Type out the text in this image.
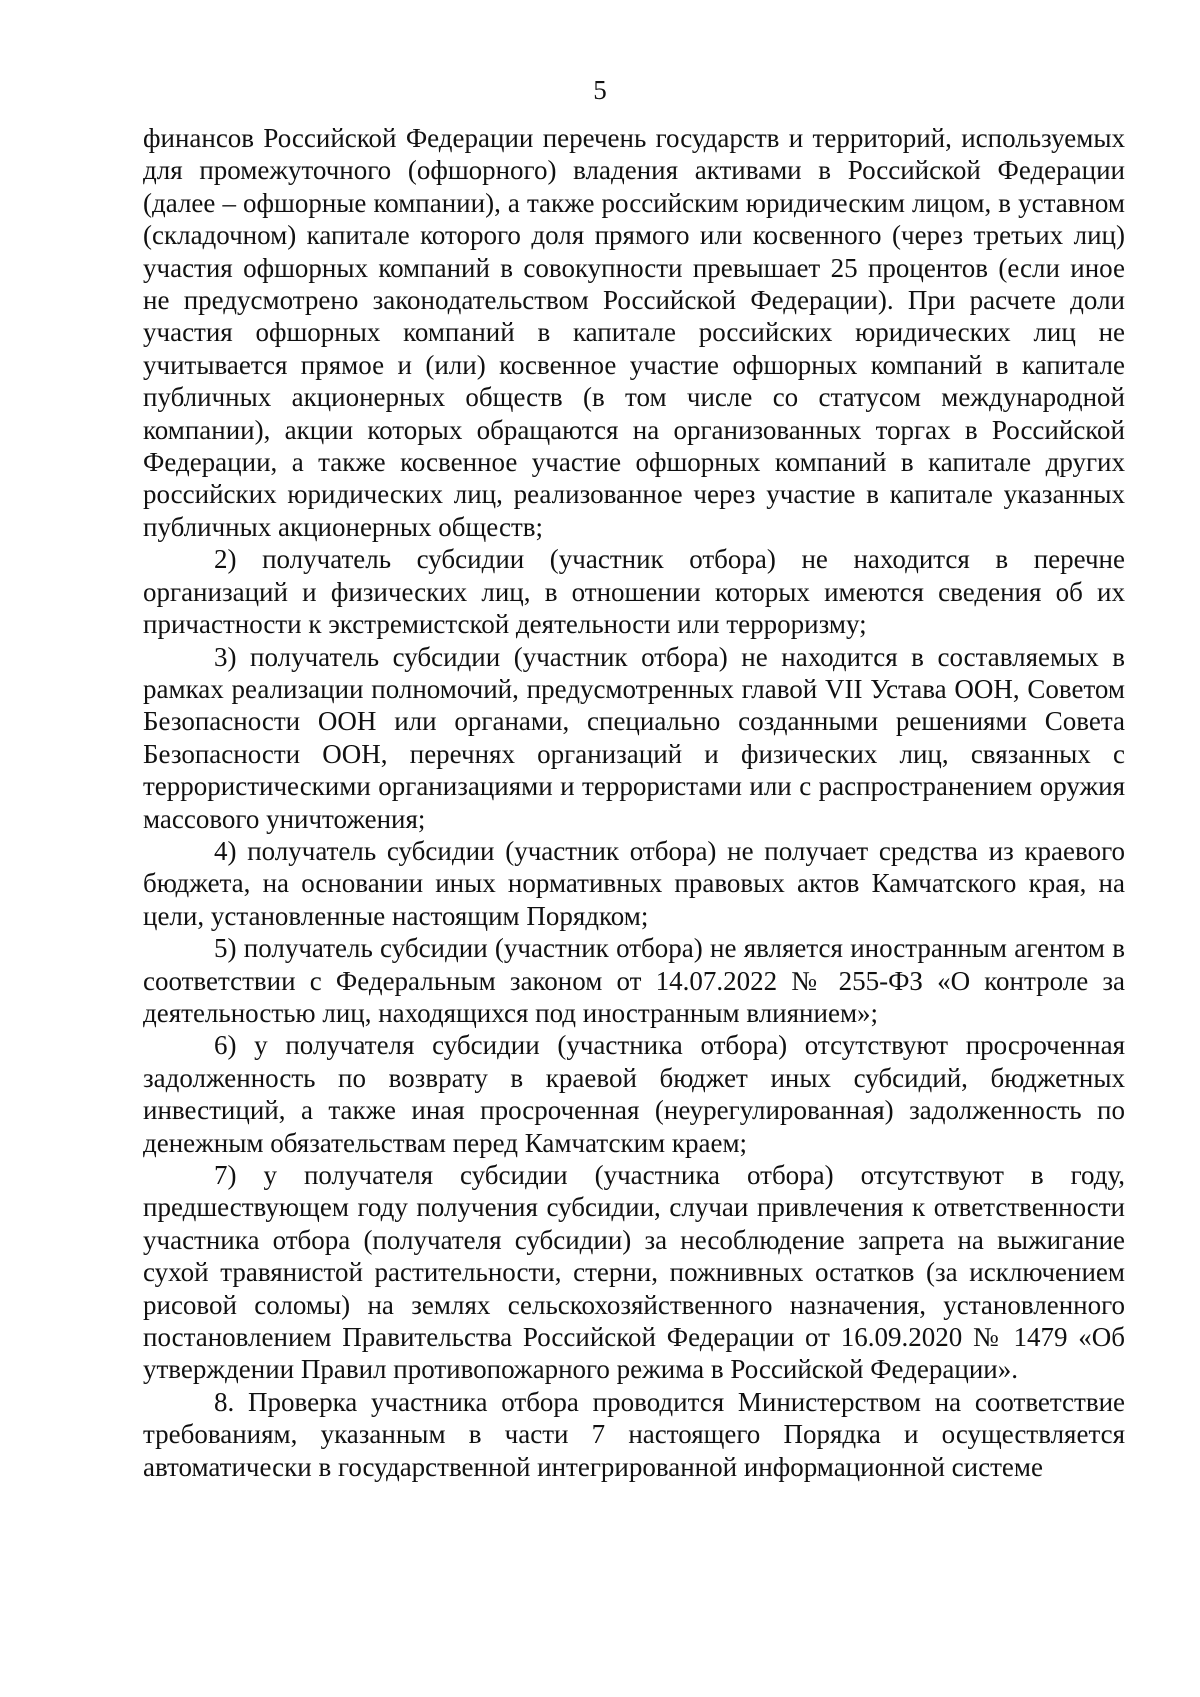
5

финансов Российской Федерации перечень государств и территорий, используемых для промежуточного (офшорного) владения активами в Российской Федерации (далее – офшорные компании), а также российским юридическим лицом, в уставном (складочном) капитале которого доля прямого или косвенного (через третьих лиц) участия офшорных компаний в совокупности превышает 25 процентов (если иное не предусмотрено законодательством Российской Федерации). При расчете доли участия офшорных компаний в капитале российских юридических лиц не учитывается прямое и (или) косвенное участие офшорных компаний в капитале публичных акционерных обществ (в том числе со статусом международной компании), акции которых обращаются на организованных торгах в Российской Федерации, а также косвенное участие офшорных компаний в капитале других российских юридических лиц, реализованное через участие в капитале указанных публичных акционерных обществ;

2) получатель субсидии (участник отбора) не находится в перечне организаций и физических лиц, в отношении которых имеются сведения об их причастности к экстремистской деятельности или терроризму;

3) получатель субсидии (участник отбора) не находится в составляемых в рамках реализации полномочий, предусмотренных главой VII Устава ООН, Советом Безопасности ООН или органами, специально созданными решениями Совета Безопасности ООН, перечнях организаций и физических лиц, связанных с террористическими организациями и террористами или с распространением оружия массового уничтожения;

4) получатель субсидии (участник отбора) не получает средства из краевого бюджета, на основании иных нормативных правовых актов Камчатского края, на цели, установленные настоящим Порядком;

5) получатель субсидии (участник отбора) не является иностранным агентом в соответствии с Федеральным законом от 14.07.2022 № 255-ФЗ «О контроле за деятельностью лиц, находящихся под иностранным влиянием»;

6) у получателя субсидии (участника отбора) отсутствуют просроченная задолженность по возврату в краевой бюджет иных субсидий, бюджетных инвестиций, а также иная просроченная (неурегулированная) задолженность по денежным обязательствам перед Камчатским краем;

7) у получателя субсидии (участника отбора) отсутствуют в году, предшествующем году получения субсидии, случаи привлечения к ответственности участника отбора (получателя субсидии) за несоблюдение запрета на выжигание сухой травянистой растительности, стерни, пожнивных остатков (за исключением рисовой соломы) на землях сельскохозяйственного назначения, установленного постановлением Правительства Российской Федерации от 16.09.2020 № 1479 «Об утверждении Правил противопожарного режима в Российской Федерации».

8. Проверка участника отбора проводится Министерством на соответствие требованиям, указанным в части 7 настоящего Порядка и осуществляется автоматически в государственной интегрированной информационной системе
